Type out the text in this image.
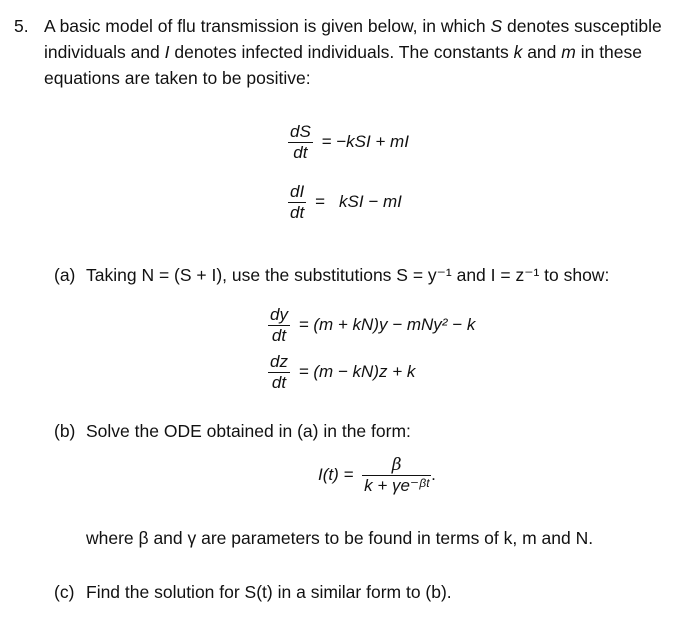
5. A basic model of flu transmission is given below, in which S denotes susceptible
individuals and I denotes infected individuals. The constants k and m in these
equations are taken to be positive:
$\frac{dS}{dt} = -kSI$ + mI
$\frac{dI}{dt}$ =   kSI − mI
(a) Taking N = (S + I), use the substitutions S = y⁻¹ and I = z⁻¹ to show:
$\frac{dy}{dt} = (m + kN)y - mNy^2 - k$
$\frac{dz}{dt} = (m - kN)z + k$
(b) Solve the ODE obtained in (a) in the form:
$I(t) = \frac{\beta}{\text{k + γe⁻ᵝᵗ}}$ .
where β and γ are parameters to be found in terms of k, m and N.
(c) Find the solution for S(t) in a similar form to (b).
